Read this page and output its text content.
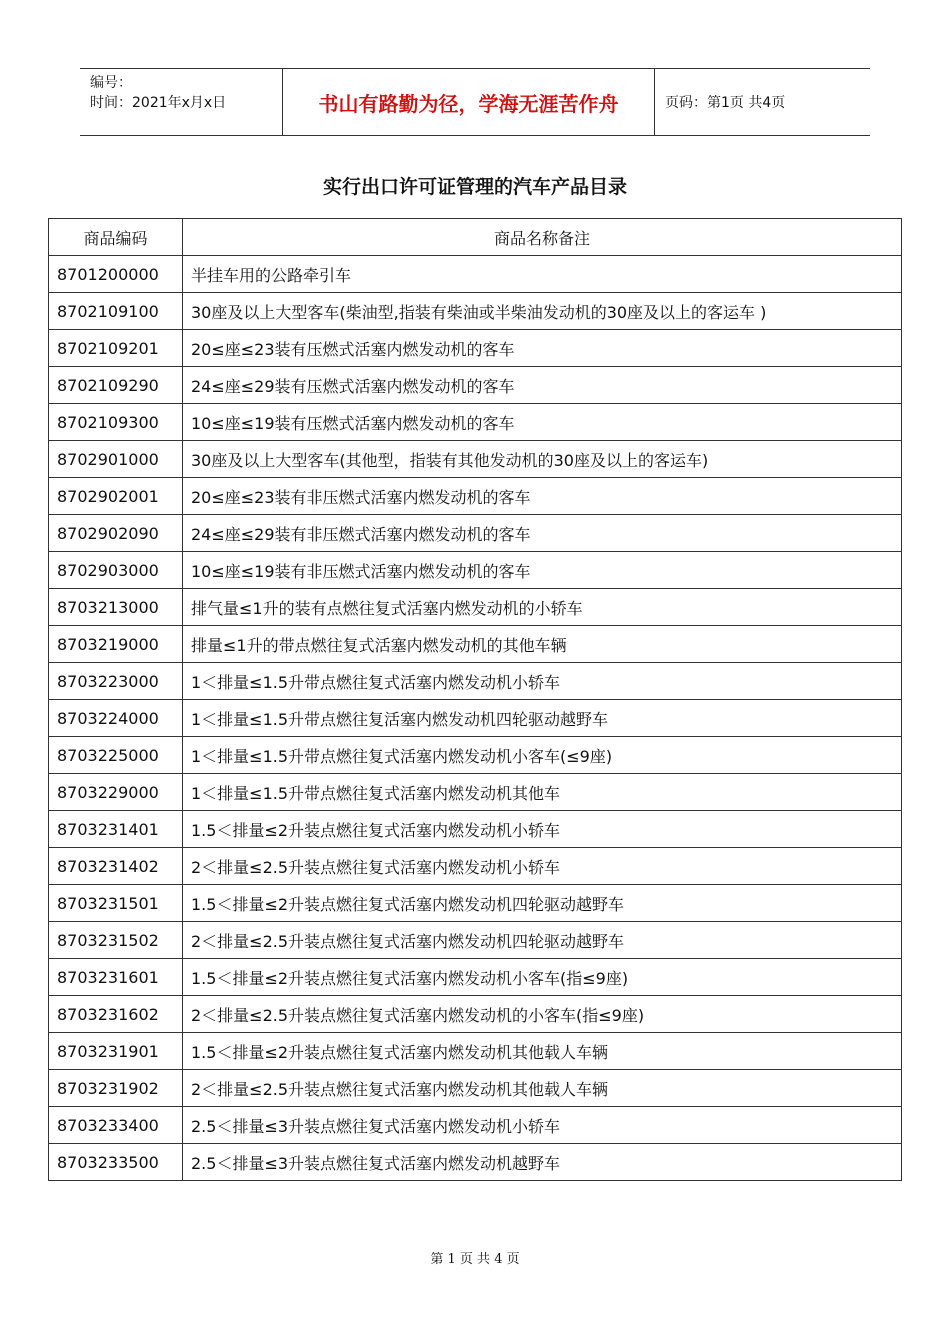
编号：
时间：2021年x月x日	书山有路勤为径，学海无涯苦作舟	页码：第1页 共4页
实行出口许可证管理的汽车产品目录
商品编码	商品名称备注
8701200000	半挂车用的公路牵引车
8702109100	30座及以上大型客车(柴油型,指装有柴油或半柴油发动机的30座及以上的客运车 )
8702109201	20≤座≤23装有压燃式活塞内燃发动机的客车
8702109290	24≤座≤29装有压燃式活塞内燃发动机的客车
8702109300	10≤座≤19装有压燃式活塞内燃发动机的客车
8702901000	30座及以上大型客车(其他型，指装有其他发动机的30座及以上的客运车)
8702902001	20≤座≤23装有非压燃式活塞内燃发动机的客车
8702902090	24≤座≤29装有非压燃式活塞内燃发动机的客车
8702903000	10≤座≤19装有非压燃式活塞内燃发动机的客车
8703213000	排气量≤1升的装有点燃往复式活塞内燃发动机的小轿车
8703219000	排量≤1升的带点燃往复式活塞内燃发动机的其他车辆
8703223000	1＜排量≤1.5升带点燃往复式活塞内燃发动机小轿车
8703224000	1＜排量≤1.5升带点燃往复活塞内燃发动机四轮驱动越野车
8703225000	1＜排量≤1.5升带点燃往复式活塞内燃发动机小客车(≤9座)
8703229000	1＜排量≤1.5升带点燃往复式活塞内燃发动机其他车
8703231401	1.5＜排量≤2升装点燃往复式活塞内燃发动机小轿车
8703231402	2＜排量≤2.5升装点燃往复式活塞内燃发动机小轿车
8703231501	1.5＜排量≤2升装点燃往复式活塞内燃发动机四轮驱动越野车
8703231502	2＜排量≤2.5升装点燃往复式活塞内燃发动机四轮驱动越野车
8703231601	1.5＜排量≤2升装点燃往复式活塞内燃发动机小客车(指≤9座)
8703231602	2＜排量≤2.5升装点燃往复式活塞内燃发动机的小客车(指≤9座)
8703231901	1.5＜排量≤2升装点燃往复式活塞内燃发动机其他载人车辆
8703231902	2＜排量≤2.5升装点燃往复式活塞内燃发动机其他载人车辆
8703233400	2.5＜排量≤3升装点燃往复式活塞内燃发动机小轿车
8703233500	2.5＜排量≤3升装点燃往复式活塞内燃发动机越野车
第 1 页 共 4 页
